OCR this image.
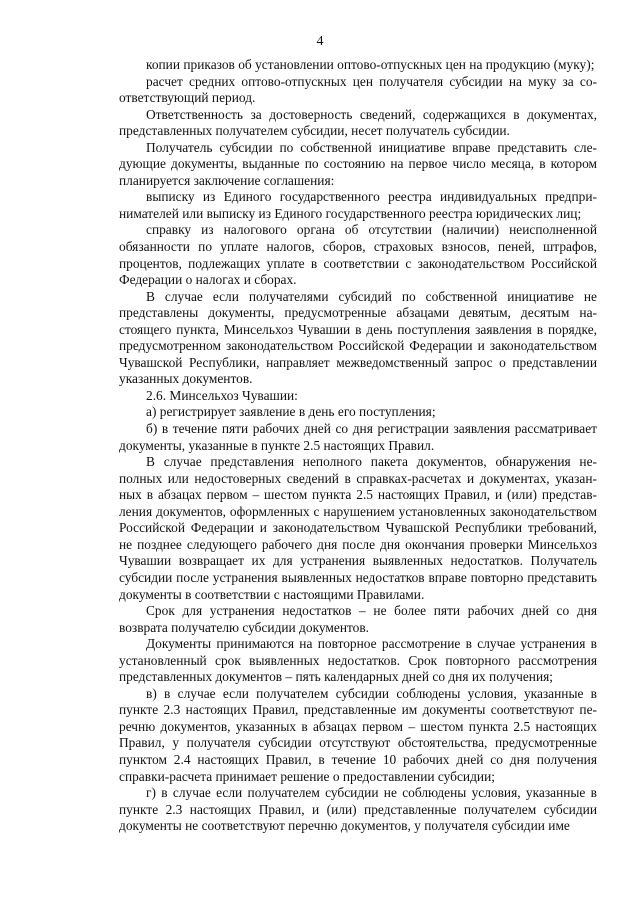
4

копии приказов об установлении оптово-отпускных цен на продукцию (муку);

расчет средних оптово-отпускных цен получателя субсидии на муку за соответствующий период.

Ответственность за достоверность сведений, содержащихся в документах, представленных получателем субсидии, несет получатель субсидии.

Получатель субсидии по собственной инициативе вправе представить следующие документы, выданные по состоянию на первое число месяца, в котором планируется заключение соглашения:

выписку из Единого государственного реестра индивидуальных предпринимателей или выписку из Единого государственного реестра юридических лиц;

справку из налогового органа об отсутствии (наличии) неисполненной обязанности по уплате налогов, сборов, страховых взносов, пеней, штрафов, процентов, подлежащих уплате в соответствии с законодательством Российской Федерации о налогах и сборах.

В случае если получателями субсидий по собственной инициативе не представлены документы, предусмотренные абзацами девятым, десятым настоящего пункта, Минсельхоз Чувашии в день поступления заявления в порядке, предусмотренном законодательством Российской Федерации и законодательством Чувашской Республики, направляет межведомственный запрос о представлении указанных документов.

2.6. Минсельхоз Чувашии:

а) регистрирует заявление в день его поступления;

б) в течение пяти рабочих дней со дня регистрации заявления рассматривает документы, указанные в пункте 2.5 настоящих Правил.

В случае представления неполного пакета документов, обнаружения неполных или недостоверных сведений в справках-расчетах и документах, указанных в абзацах первом – шестом пункта 2.5 настоящих Правил, и (или) представления документов, оформленных с нарушением установленных законодательством Российской Федерации и законодательством Чувашской Республики требований, не позднее следующего рабочего дня после дня окончания проверки Минсельхоз Чувашии возвращает их для устранения выявленных недостатков. Получатель субсидии после устранения выявленных недостатков вправе повторно представить документы в соответствии с настоящими Правилами.

Срок для устранения недостатков – не более пяти рабочих дней со дня возврата получателю субсидии документов.

Документы принимаются на повторное рассмотрение в случае устранения в установленный срок выявленных недостатков. Срок повторного рассмотрения представленных документов – пять календарных дней со дня их получения;

в) в случае если получателем субсидии соблюдены условия, указанные в пункте 2.3 настоящих Правил, представленные им документы соответствуют перечню документов, указанных в абзацах первом – шестом пункта 2.5 настоящих Правил, у получателя субсидии отсутствуют обстоятельства, предусмотренные пунктом 2.4 настоящих Правил, в течение 10 рабочих дней со дня получения справки-расчета принимает решение о предоставлении субсидии;

г) в случае если получателем субсидии не соблюдены условия, указанные в пункте 2.3 настоящих Правил, и (или) представленные получателем субсидии документы не соответствуют перечню документов, у получателя субсидии име
